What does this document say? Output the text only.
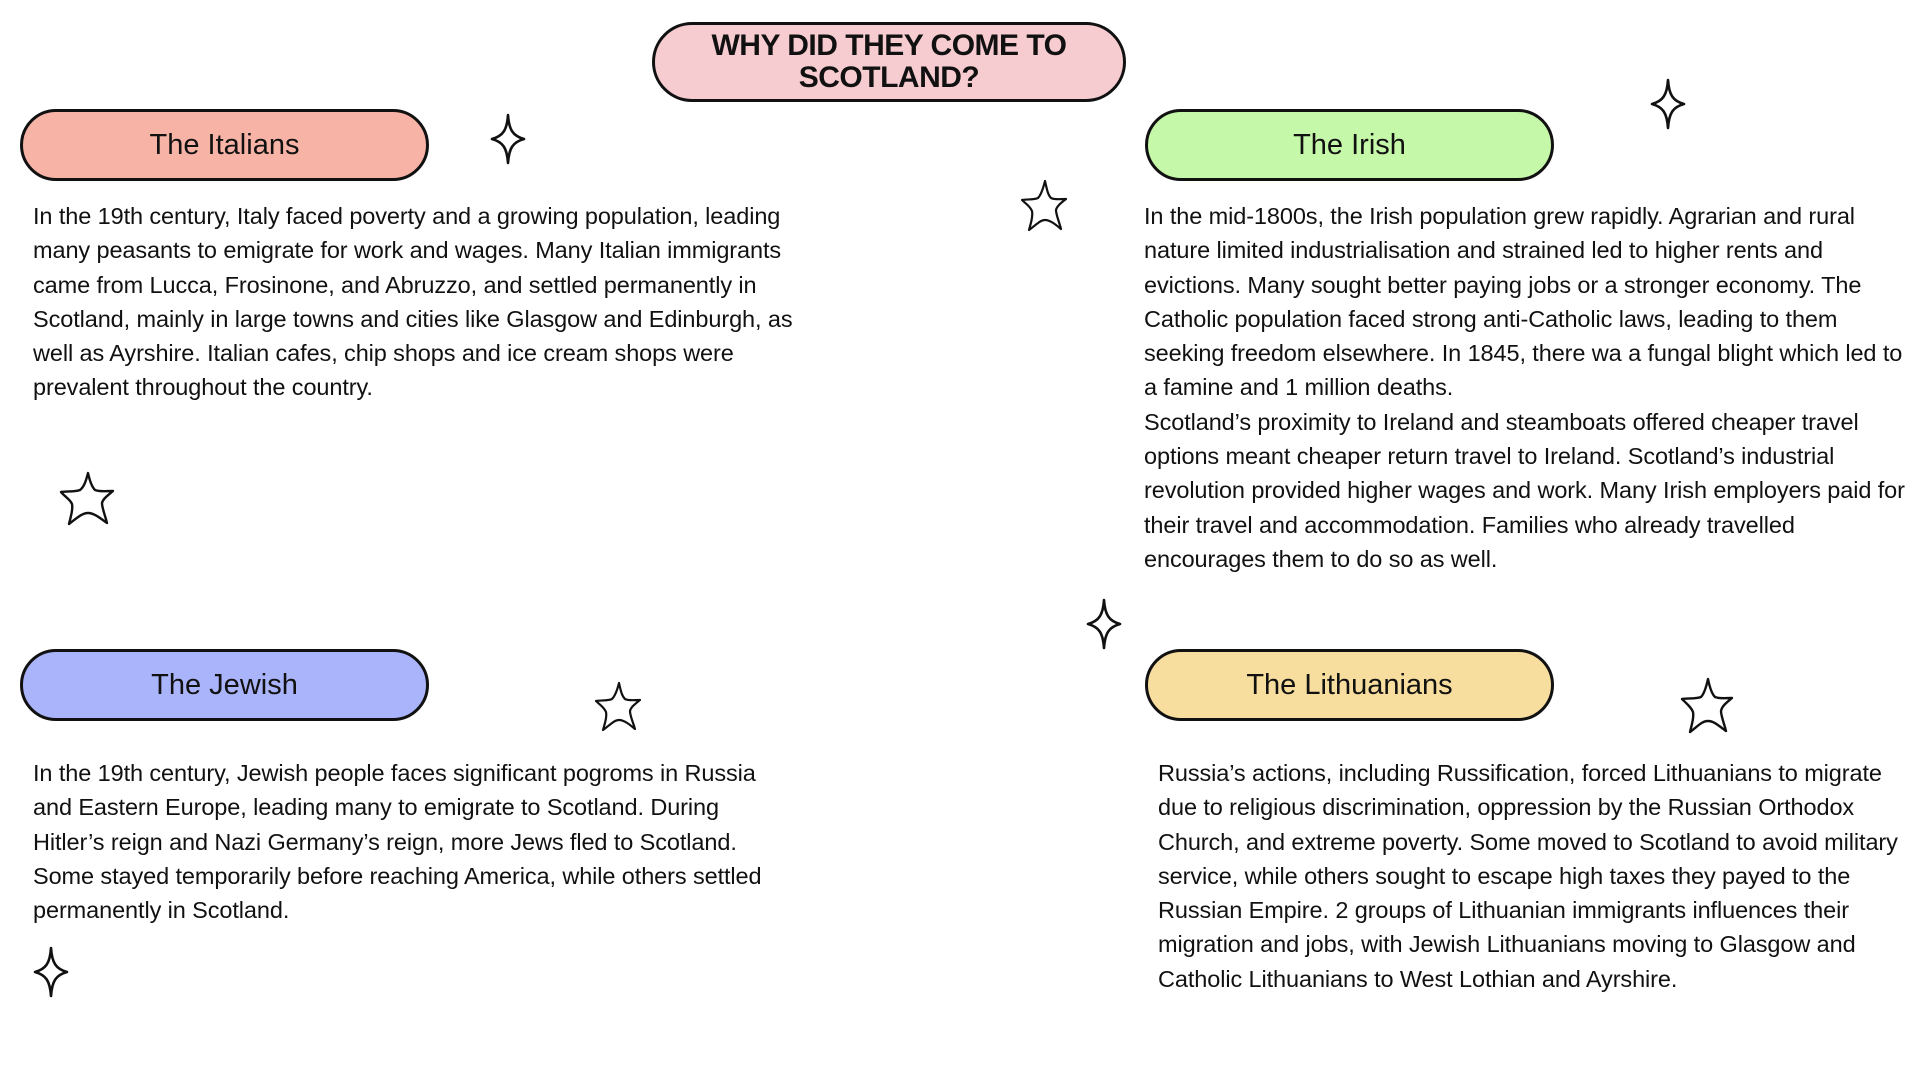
WHY DID THEY COME TO
SCOTLAND?
The Italians

In the 19th century, Italy faced poverty and a growing population, leading many peasants to emigrate for work and wages. Many Italian immigrants came from Lucca, Frosinone, and Abruzzo, and settled permanently in Scotland, mainly in large towns and cities like Glasgow and Edinburgh, as well as Ayrshire. Italian cafes, chip shops and ice cream shops were prevalent throughout the country.

The Irish

In the mid-1800s, the Irish population grew rapidly. Agrarian and rural nature limited industrialisation and strained led to higher rents and evictions. Many sought better paying jobs or a stronger economy. The Catholic population faced strong anti-Catholic laws, leading to them seeking freedom elsewhere. In 1845, there wa a fungal blight which led to a famine and 1 million deaths.

Scotland’s proximity to Ireland and steamboats offered cheaper travel options meant cheaper return travel to Ireland. Scotland’s industrial revolution provided higher wages and work. Many Irish employers paid for their travel and accommodation. Families who already travelled encourages them to do so as well.

The Jewish

In the 19th century, Jewish people faces significant pogroms in Russia and Eastern Europe, leading many to emigrate to Scotland. During Hitler’s reign and Nazi Germany’s reign, more Jews fled to Scotland. Some stayed temporarily before reaching America, while others settled permanently in Scotland.

The Lithuanians

Russia’s actions, including Russification, forced Lithuanians to migrate due to religious discrimination, oppression by the Russian Orthodox Church, and extreme poverty. Some moved to Scotland to avoid military service, while others sought to escape high taxes they payed to the Russian Empire. 2 groups of Lithuanian immigrants influences their migration and jobs, with Jewish Lithuanians moving to Glasgow and Catholic Lithuanians to West Lothian and Ayrshire.
